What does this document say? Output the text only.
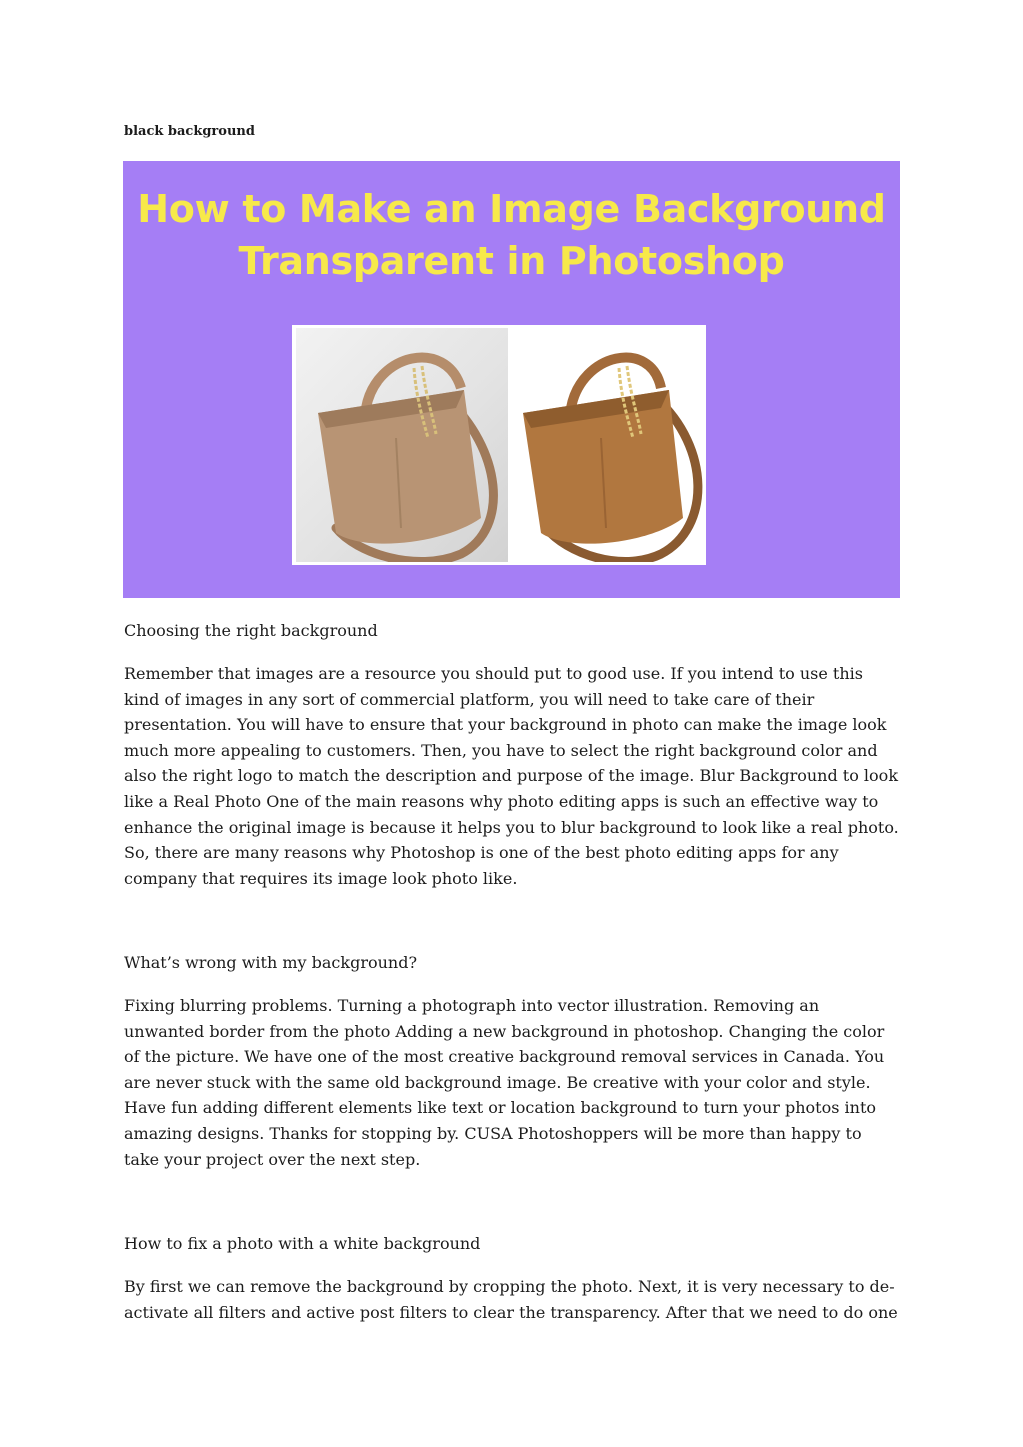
black background
How to Make an Image Background
Transparent in Photoshop
Choosing the right background
Remember that images are a resource you should put to good use. If you intend to use this kind of images in any sort of commercial platform, you will need to take care of their presentation. You will have to ensure that your background in photo can make the image look much more appealing to customers. Then, you have to select the right background color and also the right logo to match the description and purpose of the image. Blur Background to look like a Real Photo One of the main reasons why photo editing apps is such an effective way to enhance the original image is because it helps you to blur background to look like a real photo. So, there are many reasons why Photoshop is one of the best photo editing apps for any company that requires its image look photo like.
What’s wrong with my background?
Fixing blurring problems. Turning a photograph into vector illustration. Removing an unwanted border from the photo Adding a new background in photoshop. Changing the color of the picture. We have one of the most creative background removal services in Canada. You are never stuck with the same old background image. Be creative with your color and style. Have fun adding different elements like text or location background to turn your photos into amazing designs. Thanks for stopping by. CUSA Photoshoppers will be more than happy to take your project over the next step.
How to fix a photo with a white background
By first we can remove the background by cropping the photo. Next, it is very necessary to de-activate all filters and active post filters to clear the transparency. After that we need to do one
